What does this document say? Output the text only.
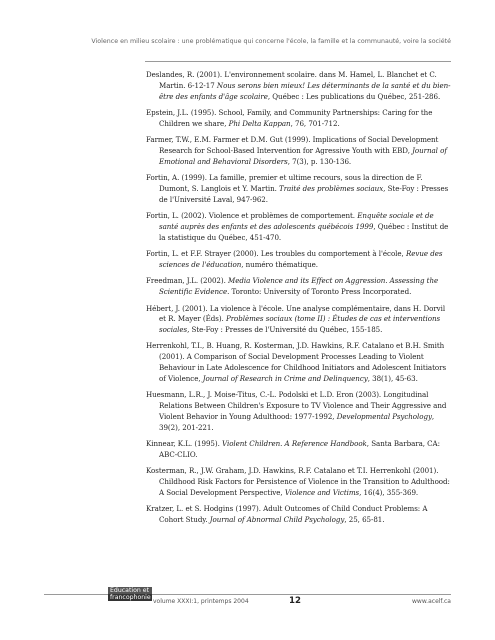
Violence en milieu scolaire : une problématique qui concerne l'école, la famille et la communauté, voire la société
Deslandes, R. (2001). L'environnement scolaire. dans M. Hamel, L. Blanchet et C. Martin. 6-12-17 Nous serons bien mieux! Les déterminants de la santé et du bien-être des enfants d'âge scolaire, Québec : Les publications du Québec, 251-286.
Epstein, J.L. (1995). School, Family, and Community Partnerships: Caring for the Children we share, Phi Delta Kappan, 76, 701-712.
Farmer, T.W., E.M. Farmer et D.M. Gut (1999). Implications of Social Development Research for School-Based Intervention for Agressive Youth with EBD, Journal of Emotional and Behavioral Disorders, 7(3), p. 130-136.
Fortin, A. (1999). La famille, premier et ultime recours, sous la direction de F. Dumont, S. Langlois et Y. Martin. Traité des problèmes sociaux, Ste-Foy : Presses de l'Université Laval, 947-962.
Fortin, L. (2002). Violence et problèmes de comportement. Enquête sociale et de santé auprès des enfants et des adolescents québécois 1999, Québec : Institut de la statistique du Québec, 451-470.
Fortin, L. et F.F. Strayer (2000). Les troubles du comportement à l'école, Revue des sciences de l'éducation, numéro thématique.
Freedman, J.L. (2002). Media Violence and its Effect on Aggression. Assessing the Scientific Evidence. Toronto: University of Toronto Press Incorporated.
Hébert, J. (2001). La violence à l'école. Une analyse complémentaire, dans H. Dorvil et R. Mayer (Éds). Problèmes sociaux (tome II) : Études de cas et interventions sociales, Ste-Foy : Presses de l'Université du Québec, 155-185.
Herrenkohl, T.I., B. Huang, R. Kosterman, J.D. Hawkins, R.F. Catalano et B.H. Smith (2001). A Comparison of Social Development Processes Leading to Violent Behaviour in Late Adolescence for Childhood Initiators and Adolescent Initiators of Violence, Journal of Research in Crime and Delinquency, 38(1), 45-63.
Huesmann, L.R., J. Moise-Titus, C.-L. Podolski et L.D. Eron (2003). Longitudinal Relations Between Children's Exposure to TV Violence and Their Aggressive and Violent Behavior in Young Adulthood: 1977-1992, Developmental Psychology, 39(2), 201-221.
Kinnear, K.L. (1995). Violent Children. A Reference Handbook, Santa Barbara, CA: ABC-CLIO.
Kosterman, R., J.W. Graham, J.D. Hawkins, R.F. Catalano et T.I. Herrenkohl (2001). Childhood Risk Factors for Persistence of Violence in the Transition to Adulthood: A Social Development Perspective, Violence and Victims, 16(4), 355-369.
Kratzer, L. et S. Hodgins (1997). Adult Outcomes of Child Conduct Problems: A Cohort Study. Journal of Abnormal Child Psychology, 25, 65-81.
Éducation et
francophonie
volume XXXI:1, printemps 2004	12	www.acelf.ca
